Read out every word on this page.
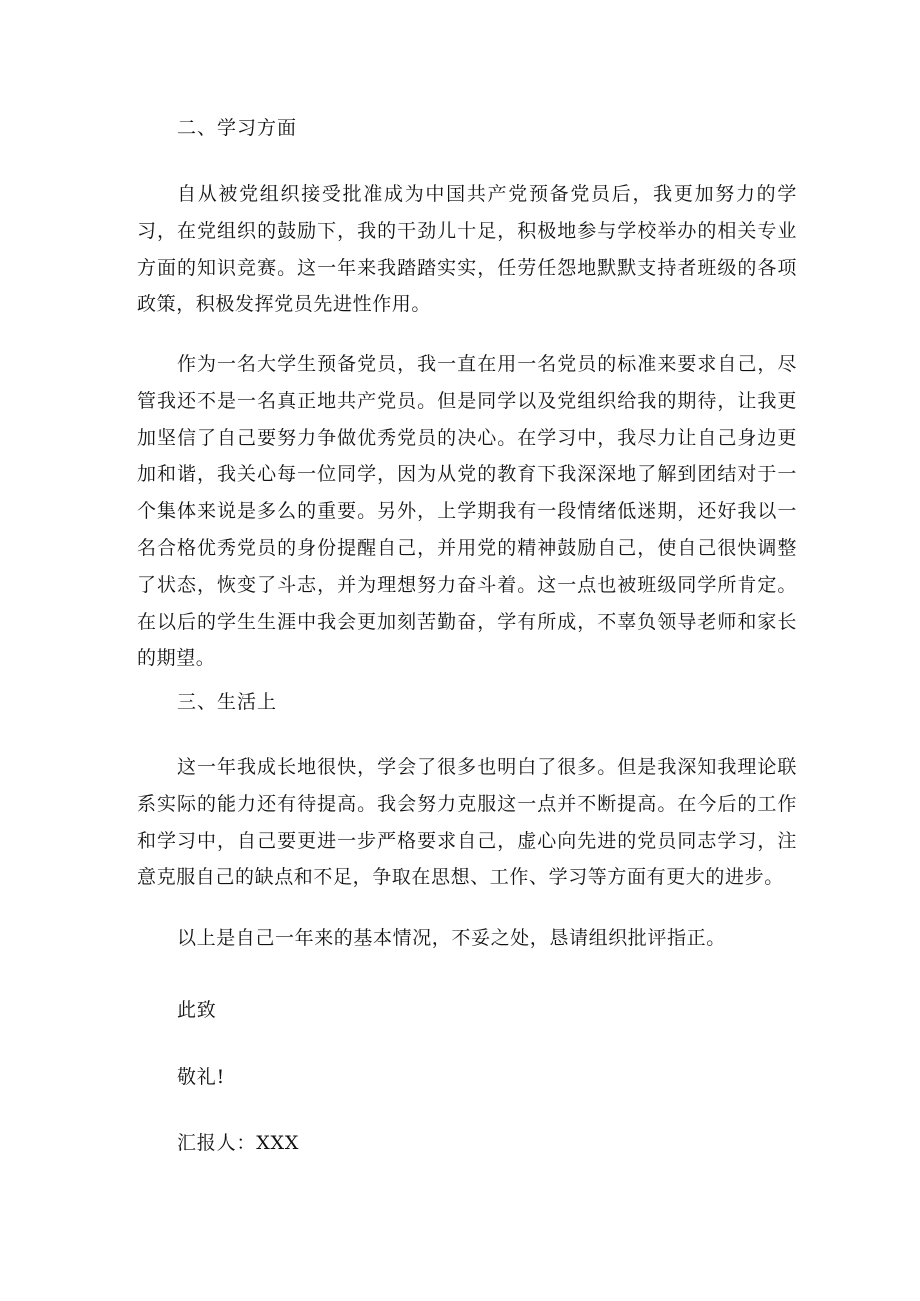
二、学习方面

自从被党组织接受批准成为中国共产党预备党员后，我更加努力的学习，在党组织的鼓励下，我的干劲儿十足，积极地参与学校举办的相关专业方面的知识竞赛。这一年来我踏踏实实，任劳任怨地默默支持者班级的各项政策，积极发挥党员先进性作用。

作为一名大学生预备党员，我一直在用一名党员的标准来要求自己，尽管我还不是一名真正地共产党员。但是同学以及党组织给我的期待，让我更加坚信了自己要努力争做优秀党员的决心。在学习中，我尽力让自己身边更加和谐，我关心每一位同学，因为从党的教育下我深深地了解到团结对于一个集体来说是多么的重要。另外，上学期我有一段情绪低迷期，还好我以一名合格优秀党员的身份提醒自己，并用党的精神鼓励自己，使自己很快调整了状态，恢变了斗志，并为理想努力奋斗着。这一点也被班级同学所肯定。在以后的学生生涯中我会更加刻苦勤奋，学有所成，不辜负领导老师和家长的期望。

三、生活上

这一年我成长地很快，学会了很多也明白了很多。但是我深知我理论联系实际的能力还有待提高。我会努力克服这一点并不断提高。在今后的工作和学习中，自己要更进一步严格要求自己，虚心向先进的党员同志学习，注意克服自己的缺点和不足，争取在思想、工作、学习等方面有更大的进步。

以上是自己一年来的基本情况，不妥之处，恳请组织批评指正。

此致

敬礼!

汇报人：XXX
